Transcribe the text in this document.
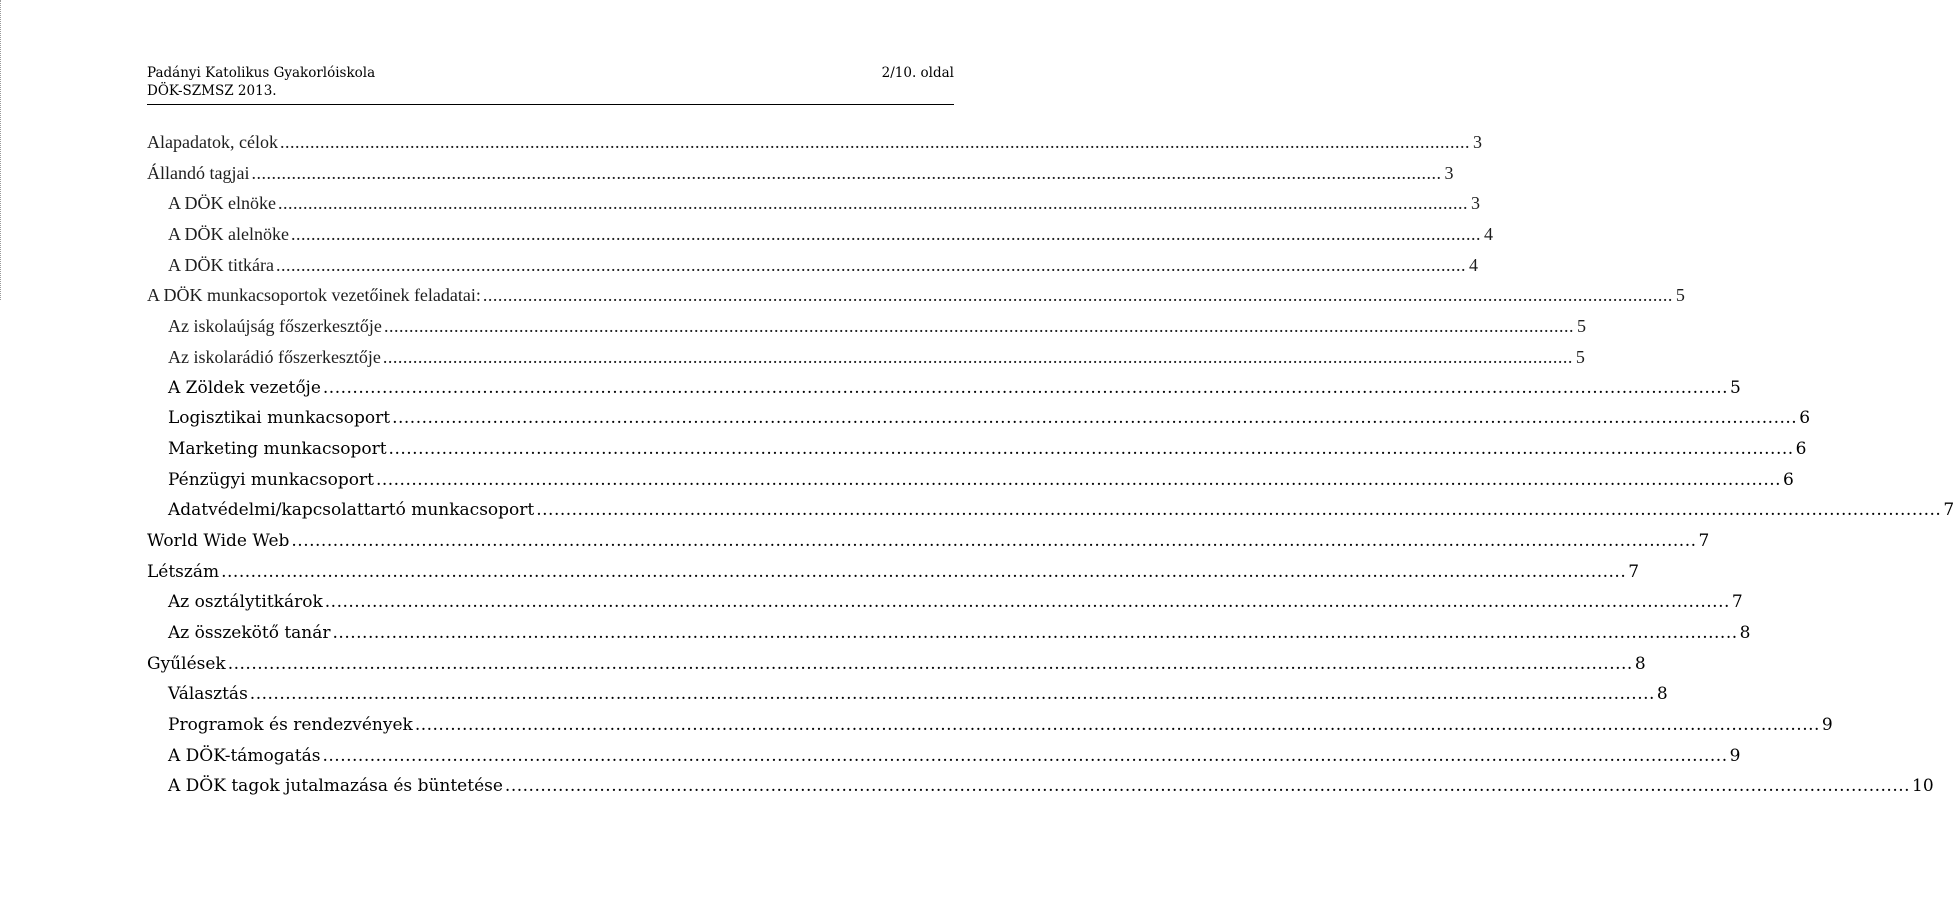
Padányi Katolikus Gyakorlóiskola
DÖK-SZMSZ 2013.
2/10. oldal
Alapadatok, célok .....	3
Állandó tagjai .....	3
A DÖK elnöke .....	3
A DÖK alelnöke .....	4
A DÖK titkára .....	4
A DÖK munkacsoportok vezetőinek feladatai: .....	5
Az iskolaújság főszerkesztője .....	5
Az iskolarádió főszerkesztője .....	5
A Zöldek vezetője .....	5
Logisztikai munkacsoport .....	6
Marketing munkacsoport .....	6
Pénzügyi munkacsoport .....	6
Adatvédelmi/kapcsolattartó munkacsoport .....	7
World Wide Web .....	7
Létszám .....	7
Az osztálytitkárok .....	7
Az összekötő tanár .....	8
Gyűlések .....	8
Választás .....	8
Programok és rendezvények .....	9
A DÖK-támogatás .....	9
A DÖK tagok jutalmazása és büntetése .....	10
